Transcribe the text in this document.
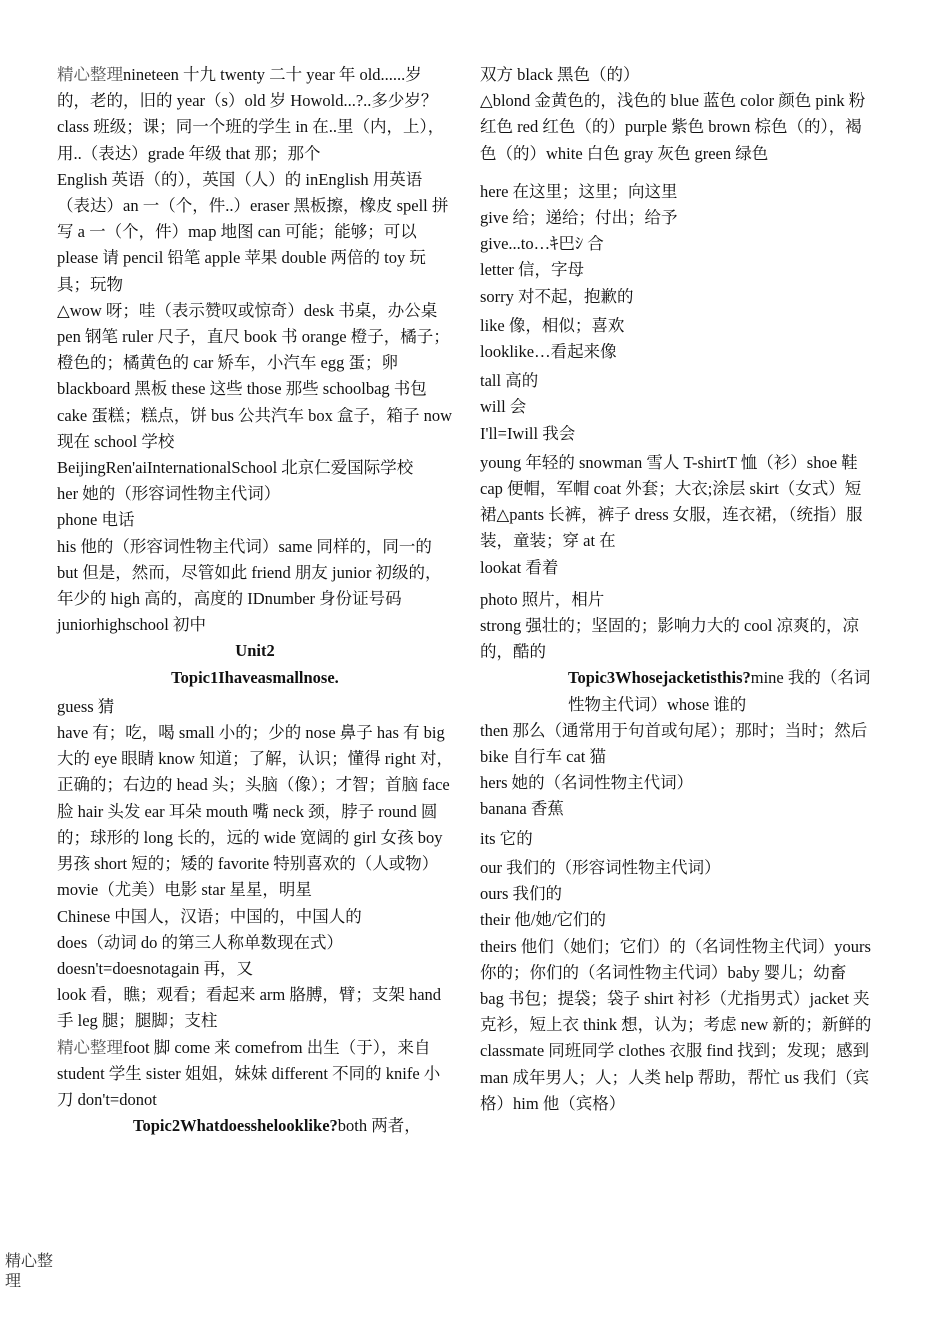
精心整理nineteen 十九 twenty 二十 year 年 old......岁的，老的，旧的 year（s）old 岁 Howold...?..多少岁？class 班级；课；同一个班的学生 in 在..里（内，上），用..（表达）grade 年级 that 那；那个

English 英语（的），英国（人）的 inEnglish 用英语（表达）an 一（个，件..）eraser 黑板擦，橡皮 spell 拼写 a 一（个，件）map 地图 can 可能；能够；可以 please 请 pencil 铅笔 apple 苹果 double 两倍的 toy 玩具；玩物

△wow 呀；哇（表示赞叹或惊奇）desk 书桌，办公桌 pen 钢笔 ruler 尺子，直尺 book 书 orange 橙子，橘子；橙色的；橘黄色的 car 矫车，小汽车 egg 蛋；卵 blackboard 黑板 these 这些 those 那些 schoolbag 书包 cake 蛋糕；糕点，饼 bus 公共汽车 box 盒子，箱子 now 现在 school 学校

BeijingRen'aiInternationalSchool 北京仁爱国际学校

her 她的（形容词性物主代词）

phone 电话

his 他的（形容词性物主代词）same 同样的，同一的 but 但是，然而，尽管如此 friend 朋友 junior 初级的，年少的 high 高的，高度的 IDnumber 身份证号码 juniorhighschool 初中

Unit2

Topic1Ihaveasmallnose.

guess 猜

have 有；吃，喝 small 小的；少的 nose 鼻子 has 有 big 大的 eye 眼睛 know 知道；了解，认识；懂得 right 对，正确的；右边的 head 头；头脑（像）；才智；首脑 face 脸 hair 头发 ear 耳朵 mouth 嘴 neck 颈，脖子 round 圆的；球形的 long 长的，远的 wide 宽阔的 girl 女孩 boy 男孩 short 短的；矮的 favorite 特别喜欢的（人或物）movie（尤美）电影 star 星星，明星

Chinese 中国人，汉语；中国的，中国人的

does（动词 do 的第三人称单数现在式）doesn't=doesnotagain 再，又

look 看，瞧；观看；看起来 arm 胳膊，臂；支架 hand 手 leg 腿；腿脚；支柱

精心整理foot 脚 come 来 comefrom 出生（于），来自 student 学生 sister 姐姐，妹妹 different 不同的 knife 小刀 don't=donot

Topic2Whatdoesshelooklike?both 两者，

双方 black 黑色（的）

△blond 金黄色的，浅色的 blue 蓝色 color 颜色 pink 粉红色 red 红色（的）purple 紫色 brown 棕色（的），褐色（的）white 白色 gray 灰色 green 绿色

here 在这里；这里；向这里

give 给；递给；付出；给予

give...to…ｷ巴ｼ 合

letter 信，字母

sorry 对不起，抱歉的

like 像，相似；喜欢

looklike…看起来像

tall 高的

will 会

I'll=Iwill 我会

young 年轻的 snowman 雪人 T-shirtT 恤（衫）shoe 鞋 cap 便帽，军帽 coat 外套；大衣;涂层 skirt（女式）短裙△pants 长裤，裤子 dress 女服，连衣裙，（统指）服装，童装；穿 at 在

lookat 看着

photo 照片，相片

strong 强壮的；坚固的；影响力大的 cool 凉爽的，凉的，酷的

Topic3Whosejacketisthis?mine 我的（名词性物主代词）whose 谁的

then 那么（通常用于句首或句尾）；那时；当时；然后

bike 自行车 cat 猫

hers 她的（名词性物主代词）

banana 香蕉

its 它的

our 我们的（形容词性物主代词）

ours 我们的

their 他/她/它们的

theirs 他们（她们；它们）的（名词性物主代词）yours 你的；你们的（名词性物主代词）baby 婴儿；幼畜

bag 书包；提袋；袋子 shirt 衬衫（尤指男式）jacket 夹克衫，短上衣 think 想，认为；考虑 new 新的；新鲜的 classmate 同班同学 clothes 衣服 find 找到；发现；感到 man 成年男人；人；人类 help 帮助，帮忙 us 我们（宾格）him 他（宾格）

精心整理
